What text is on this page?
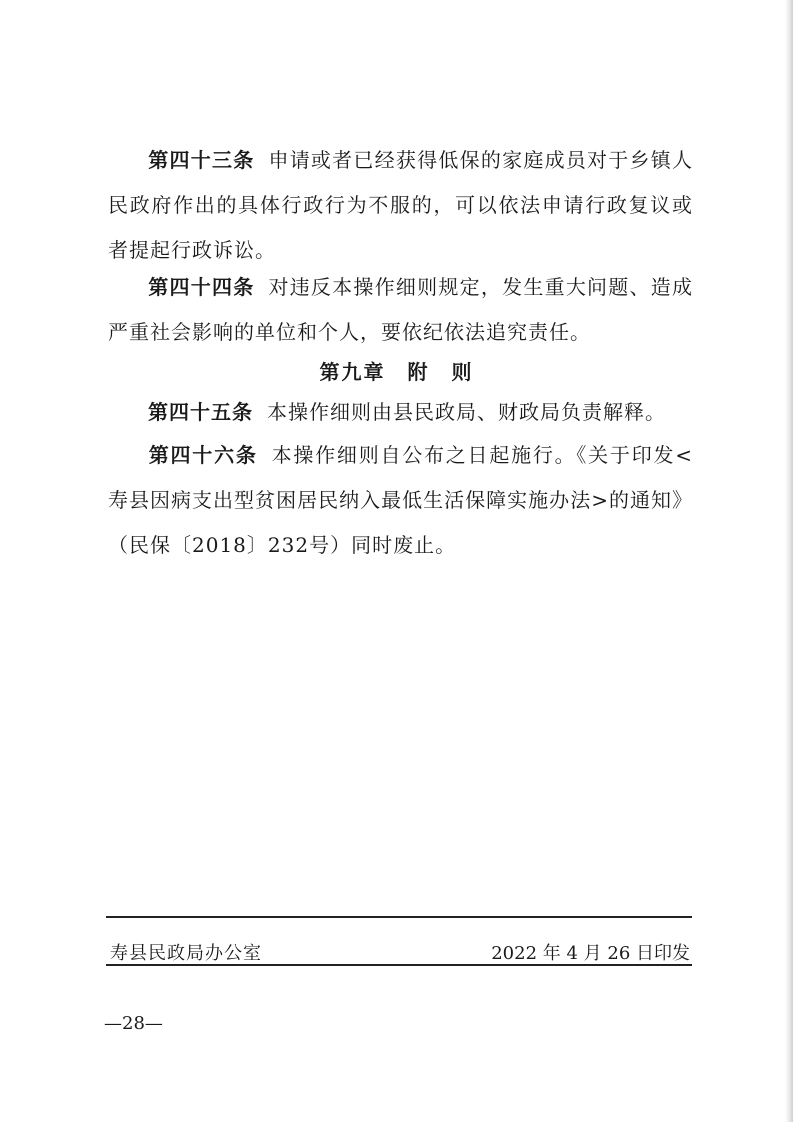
第四十三条 申请或者已经获得低保的家庭成员对于乡镇人民政府作出的具体行政行为不服的，可以依法申请行政复议或者提起行政诉讼。

第四十四条 对违反本操作细则规定，发生重大问题、造成严重社会影响的单位和个人，要依纪依法追究责任。

第九章　附　则

第四十五条 本操作细则由县民政局、财政局负责解释。

第四十六条 本操作细则自公布之日起施行。《关于印发<寿县因病支出型贫困居民纳入最低生活保障实施办法>的通知》（民保〔2018〕232号）同时废止。

寿县民政局办公室	2022 年 4 月 26 日印发
—28—
